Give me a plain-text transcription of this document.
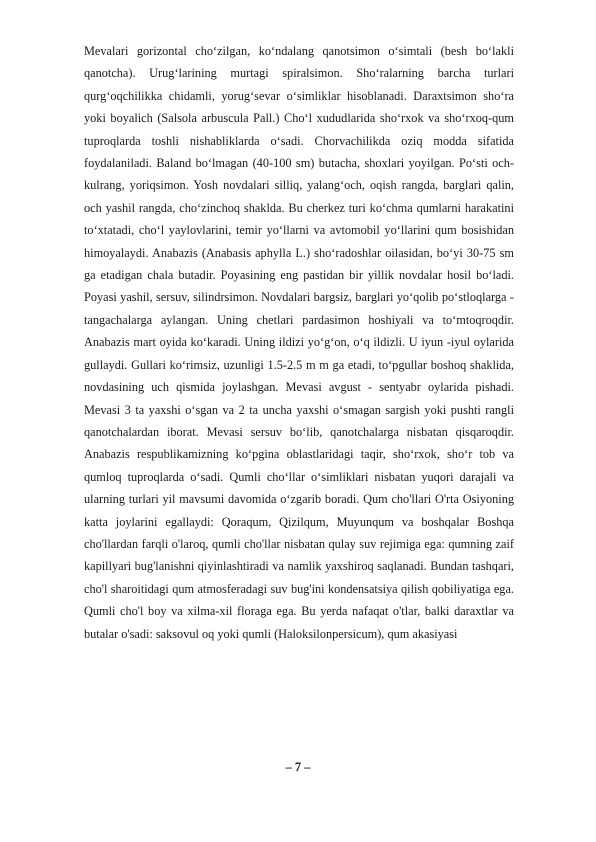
Mevalari gorizontal cho‘zilgan, ko‘ndalang qanotsimon o‘simtali (besh bo‘lakli qanotcha). Urug‘larining murtagi spiralsimon. Sho‘ralarning barcha turlari qurg‘oqchilikka chidamli, yorug‘sevar o‘simliklar hisoblanadi. Daraxtsimon sho‘ra yoki boyalich (Salsola arbuscula Pall.) Cho‘l xududlarida sho‘rxok va sho‘rxoq-qum tuproqlarda toshli nishabliklarda o‘sadi. Chorvachilikda oziq modda sifatida foydalaniladi. Baland bo‘lmagan (40-100 sm) butacha, shoxlari yoyilgan. Po‘sti och-kulrang, yoriqsimon. Yosh novdalari silliq, yalang‘och, oqish rangda, barglari qalin, och yashil rangda, cho‘zinchoq shaklda. Bu cherkez turi ko‘chma qumlarni harakatini to‘xtatadi, cho‘l yaylovlarini, temir yo‘llarni va avtomobil yo‘llarini qum bosishidan himoyalaydi. Anabazis (Anabasis aphylla L.) sho‘radoshlar oilasidan, bo‘yi 30-75 sm ga etadigan chala butadir. Poyasining eng pastidan bir yillik novdalar hosil bo‘ladi. Poyasi yashil, sersuv, silindrsimon. Novdalari bargsiz, barglari yo‘qolib po‘stloqlarga -tangachalarga aylangan. Uning chetlari pardasimon hoshiyali va to‘mtoqroqdir. Anabazis mart oyida ko‘karadi. Uning ildizi yo‘g‘on, o‘q ildizli. U iyun -iyul oylarida gullaydi. Gullari ko‘rimsiz, uzunligi 1.5-2.5 m m ga etadi, to‘pgullar boshoq shaklida, novdasining uch qismida joylashgan. Mevasi avgust - sentyabr oylarida pishadi. Mevasi 3 ta yaxshi o‘sgan va 2 ta uncha yaxshi o‘smagan sargish yoki pushti rangli qanotchalardan iborat. Mevasi sersuv bo‘lib, qanotchalarga nisbatan qisqaroqdir. Anabazis respublikamizning ko‘pgina oblastlaridagi taqir, sho‘rxok, sho‘r tob va qumloq tuproqlarda o‘sadi. Qumli cho‘llar o‘simliklari nisbatan yuqori darajali va ularning turlari yil mavsumi davomida o‘zgarib boradi. Qum cho'llari O'rta Osiyoning katta joylarini egallaydi: Qoraqum, Qizilqum, Muyunqum va boshqalar Boshqa cho'llardan farqli o'laroq, qumli cho'llar nisbatan qulay suv rejimiga ega: qumning zaif kapillyari bug'lanishni qiyinlashtiradi va namlik yaxshiroq saqlanadi. Bundan tashqari, cho'l sharoitidagi qum atmosferadagi suv bug'ini kondensatsiya qilish qobiliyatiga ega. Qumli cho'l boy va xilma-xil floraga ega. Bu yerda nafaqat o'tlar, balki daraxtlar va butalar o'sadi: saksovul oq yoki qumli (Haloksilonpersicum), qum akasiyasi

– 7 –
